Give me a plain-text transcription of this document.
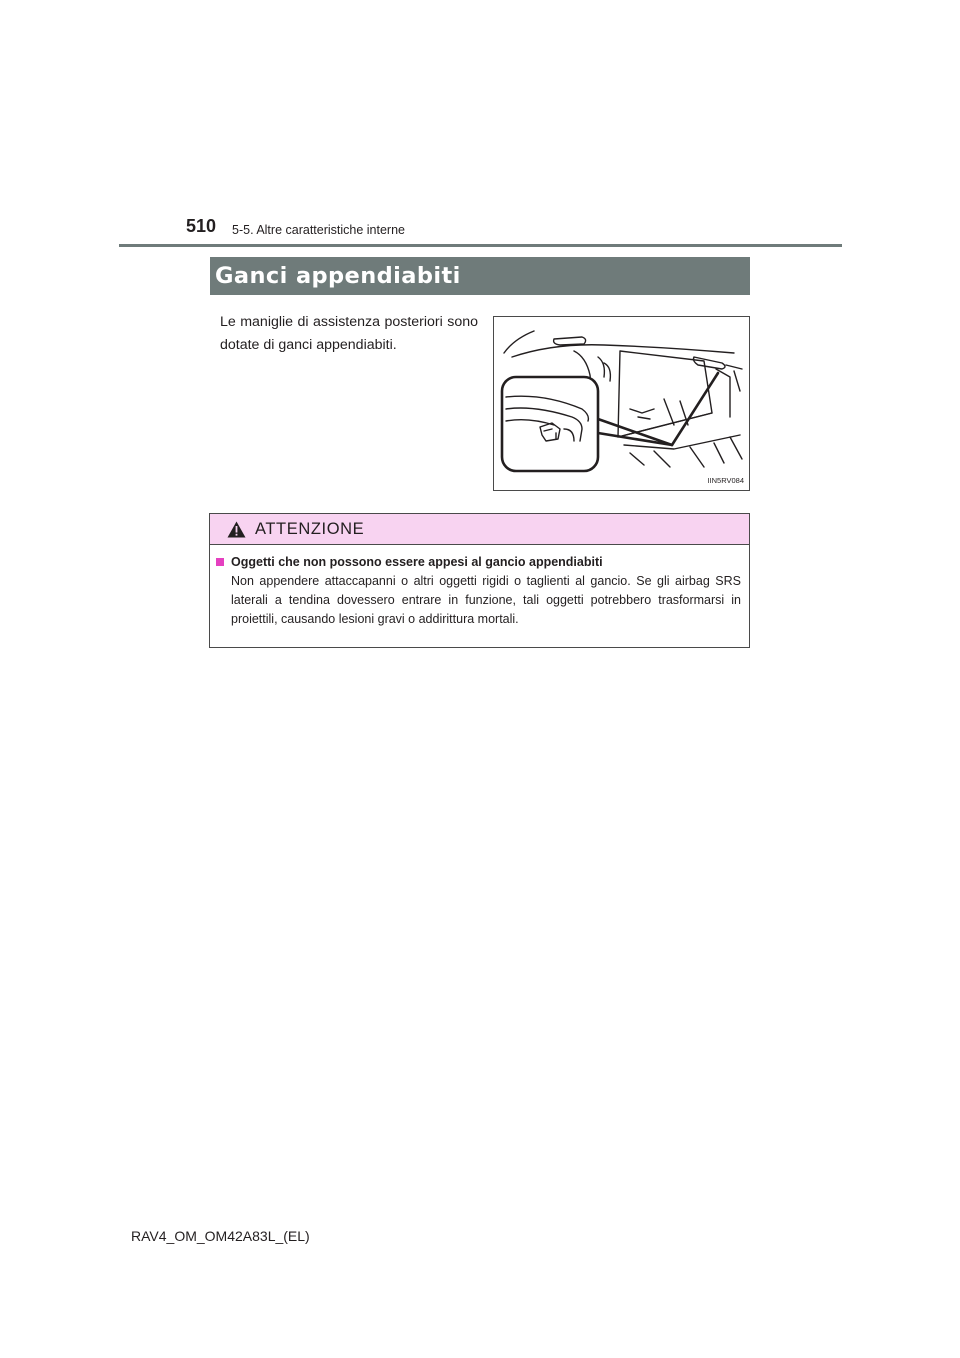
510 5-5. Altre caratteristiche interne
Ganci appendiabiti

Le maniglie di assistenza posteriori sono dotate di ganci appendiabiti.

IIN5RV084
ATTENZIONE

Oggetti che non possono essere appesi al gancio appendiabiti

Non appendere attaccapanni o altri oggetti rigidi o taglienti al gancio. Se gli airbag SRS laterali a tendina dovessero entrare in funzione, tali oggetti potrebbero trasformarsi in proiettili, causando lesioni gravi o addirittura mortali.

RAV4_OM_OM42A83L_(EL)
